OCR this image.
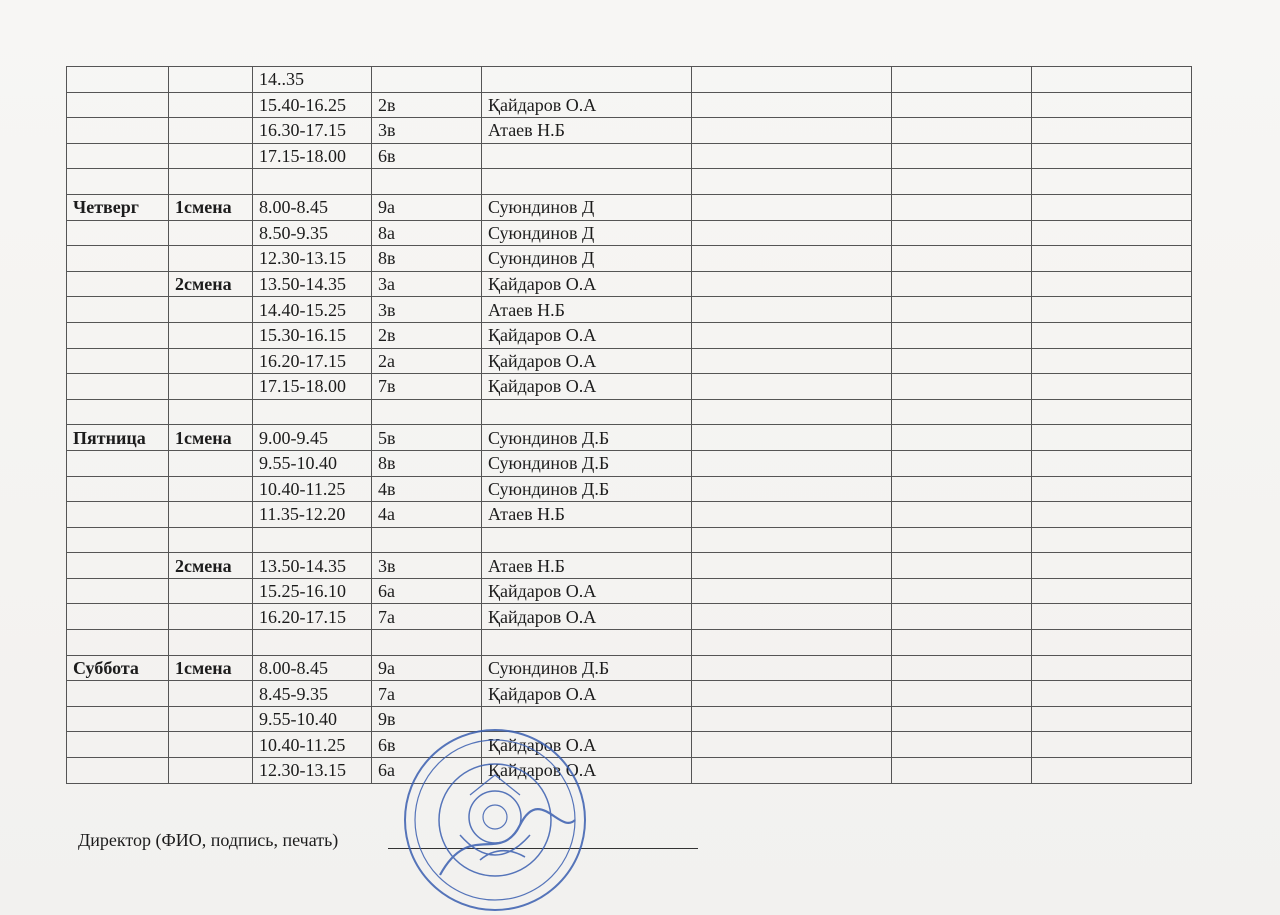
		14..35					
		15.40-16.25	2в	Қайдаров О.А			
		16.30-17.15	3в	Атаев Н.Б			
		17.15-18.00	6в				

Четверг	1смена	8.00-8.45	9а	Суюндинов Д			
		8.50-9.35	8а	Суюндинов Д			
		12.30-13.15	8в	Суюндинов Д			
	2смена	13.50-14.35	3а	Қайдаров О.А			
		14.40-15.25	3в	Атаев Н.Б			
		15.30-16.15	2в	Қайдаров О.А			
		16.20-17.15	2а	Қайдаров О.А			
		17.15-18.00	7в	Қайдаров О.А			

Пятница	1смена	9.00-9.45	5в	Суюндинов Д.Б			
		9.55-10.40	8в	Суюндинов Д.Б			
		10.40-11.25	4в	Суюндинов Д.Б			
		11.35-12.20	4а	Атаев Н.Б			

	2смена	13.50-14.35	3в	Атаев Н.Б			
		15.25-16.10	6а	Қайдаров О.А			
		16.20-17.15	7а	Қайдаров О.А			

Суббота	1смена	8.00-8.45	9а	Суюндинов Д.Б			
		8.45-9.35	7а	Қайдаров О.А			
		9.55-10.40	9в				
		10.40-11.25	6в	Қайдаров О.А			
		12.30-13.15	6а	Қайдаров О.А			
Директор (ФИО, подпись, печать)
